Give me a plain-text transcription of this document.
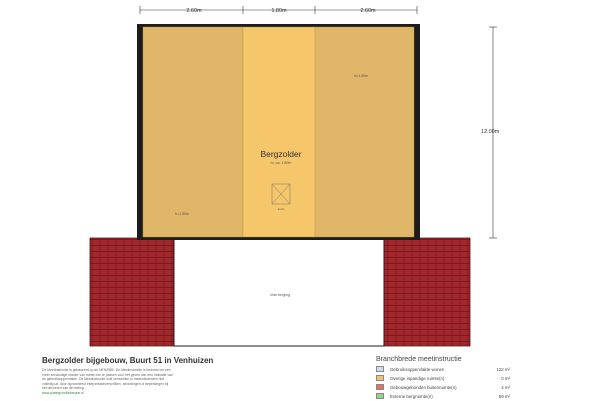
2.60m	1.80m	2.60m
12.00m
Vide berging
Bergzolder
h= ca. 1.80m
h=1.50m
h=1.50m
lucht
Bergzolder bijgebouw, Buurt 51 in Venhuizen
De Meetinstructie is gebaseerd op de NEN2580. De Meetinstructie is bedoeld om een
meer eenduidige manier van meten toe te passen voor het geven van een indicatie van
de gebruiksoppervlakte. De Meetinstructie sluit verschillen in meetuitkomsten niet
volledig uit, door bijvoorbeeld interpretatieverschillen, afrondingen of beperkingen bij
het uitvoeren van de meting.
www.plattegrondtekenaar.nl
Branchbrede meetinstructie
Gebruiksoppervlakte wonen	122 m²
Overige inpandige ruimte(n)	0 m²
Gebouwgebonden buitenruimte(n)	4 m²
Externe bergruimte(n)	59 m²
